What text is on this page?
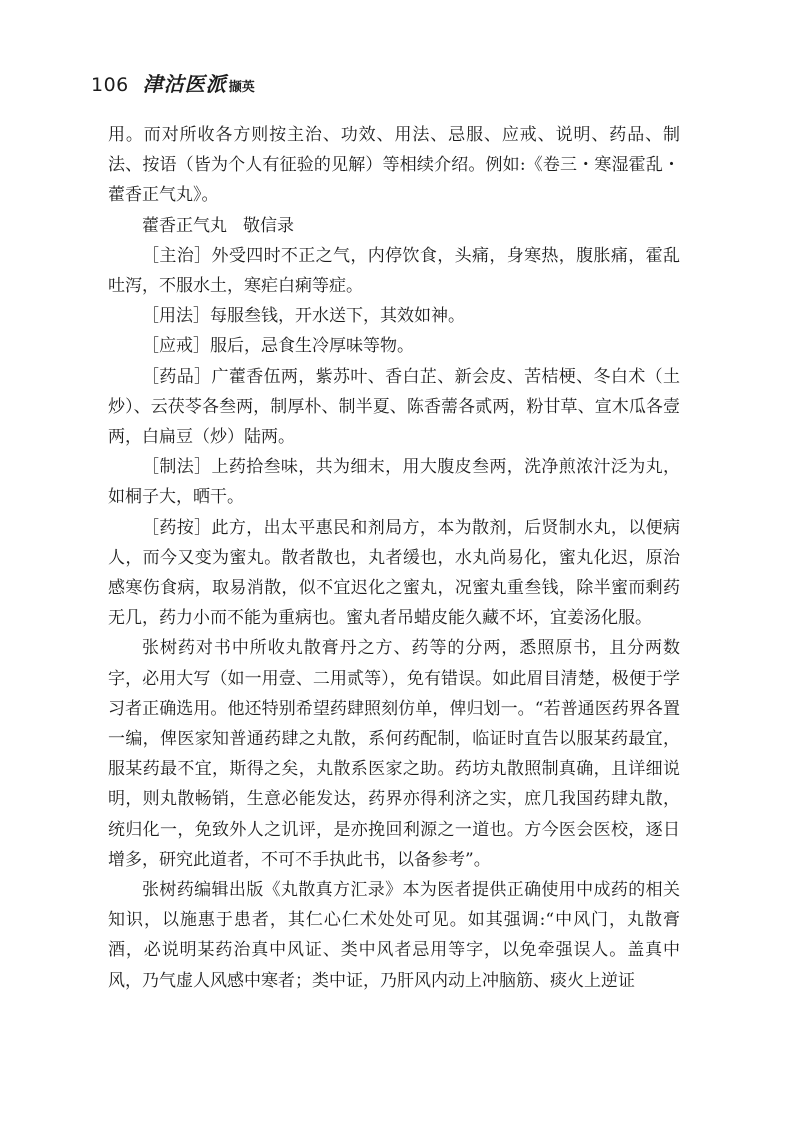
106 津沽医派 撷英

用。而对所收各方则按主治、功效、用法、忌服、应戒、说明、药品、制法、按语（皆为个人有征验的见解）等相续介绍。例如:《卷三・寒湿霍乱・藿香正气丸》。

藿香正气丸 敬信录

［主治］外受四时不正之气，内停饮食，头痛，身寒热，腹胀痛，霍乱吐泻，不服水土，寒疟白痢等症。

［用法］每服叁钱，开水送下，其效如神。

［应戒］服后，忌食生冷厚味等物。

［药品］广藿香伍两，紫苏叶、香白芷、新会皮、苦桔梗、冬白术（土炒）、云茯苓各叁两，制厚朴、制半夏、陈香薷各贰两，粉甘草、宣木瓜各壹两，白扁豆（炒）陆两。

［制法］上药拾叁味，共为细末，用大腹皮叁两，洗净煎浓汁泛为丸，如桐子大，晒干。

［药按］此方，出太平惠民和剂局方，本为散剂，后贤制水丸，以便病人，而今又变为蜜丸。散者散也，丸者缓也，水丸尚易化，蜜丸化迟，原治感寒伤食病，取易消散，似不宜迟化之蜜丸，况蜜丸重叁钱，除半蜜而剩药无几，药力小而不能为重病也。蜜丸者吊蜡皮能久藏不坏，宜姜汤化服。

张树药对书中所收丸散膏丹之方、药等的分两，悉照原书，且分两数字，必用大写（如一用壹、二用贰等），免有错误。如此眉目清楚，极便于学习者正确选用。他还特别希望药肆照刻仿单，俾归划一。“若普通医药界各置一编，俾医家知普通药肆之丸散，系何药配制，临证时直告以服某药最宜，服某药最不宜，斯得之矣，丸散系医家之助。药坊丸散照制真确，且详细说明，则丸散畅销，生意必能发达，药界亦得利济之实，庶几我国药肆丸散，统归化一，免致外人之讥评，是亦挽回利源之一道也。方今医会医校，逐日增多，研究此道者，不可不手执此书，以备参考”。

张树药编辑出版《丸散真方汇录》本为医者提供正确使用中成药的相关知识，以施惠于患者，其仁心仁术处处可见。如其强调:“中风门，丸散膏酒，必说明某药治真中风证、类中风者忌用等字，以免牵强误人。盖真中风，乃气虚人风感中寒者；类中证，乃肝风内动上冲脑筋、痰火上逆证
